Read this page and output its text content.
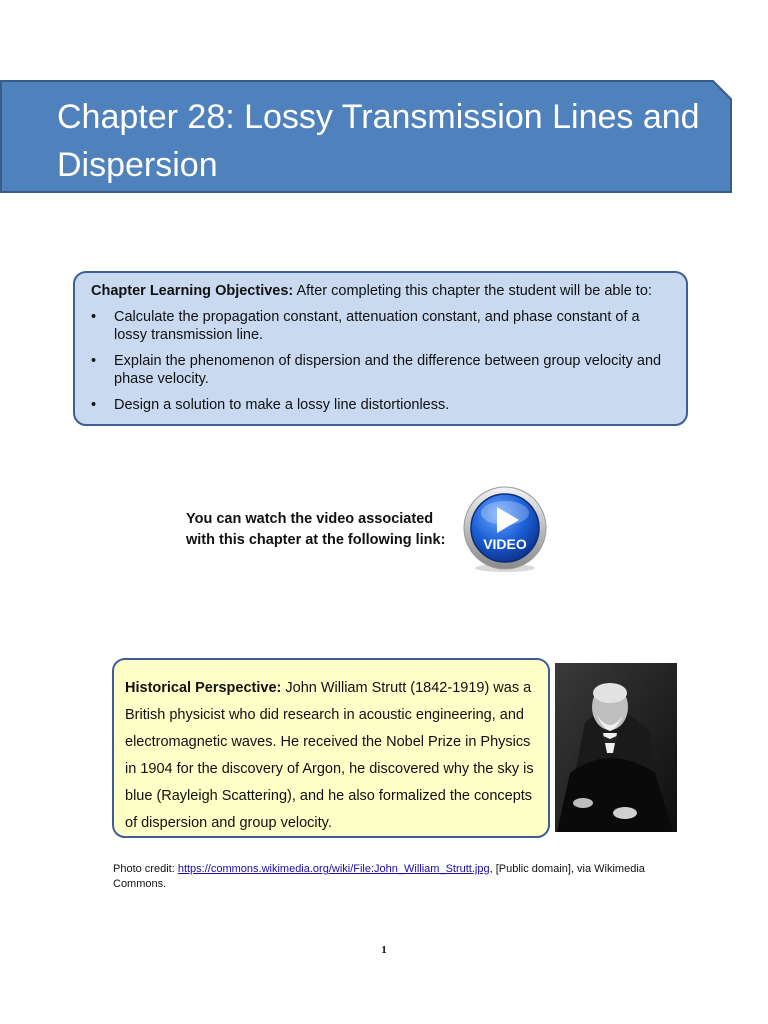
Chapter 28: Lossy Transmission Lines and Dispersion

Chapter Learning Objectives: After completing this chapter the student will be able to:

• Calculate the propagation constant, attenuation constant, and phase constant of a lossy transmission line.
• Explain the phenomenon of dispersion and the difference between group velocity and phase velocity.
• Design a solution to make a lossy line distortionless.
You can watch the video associated
with this chapter at the following link:	VIDEO
Historical Perspective: John William Strutt (1842-1919) was a British physicist who did research in acoustic engineering, and electromagnetic waves. He received the Nobel Prize in Physics in 1904 for the discovery of Argon, he discovered why the sky is blue (Rayleigh Scattering), and he also formalized the concepts of dispersion and group velocity.
Photo credit: https://commons.wikimedia.org/wiki/File:John_William_Strutt.jpg, [Public domain], via Wikimedia Commons.
1
